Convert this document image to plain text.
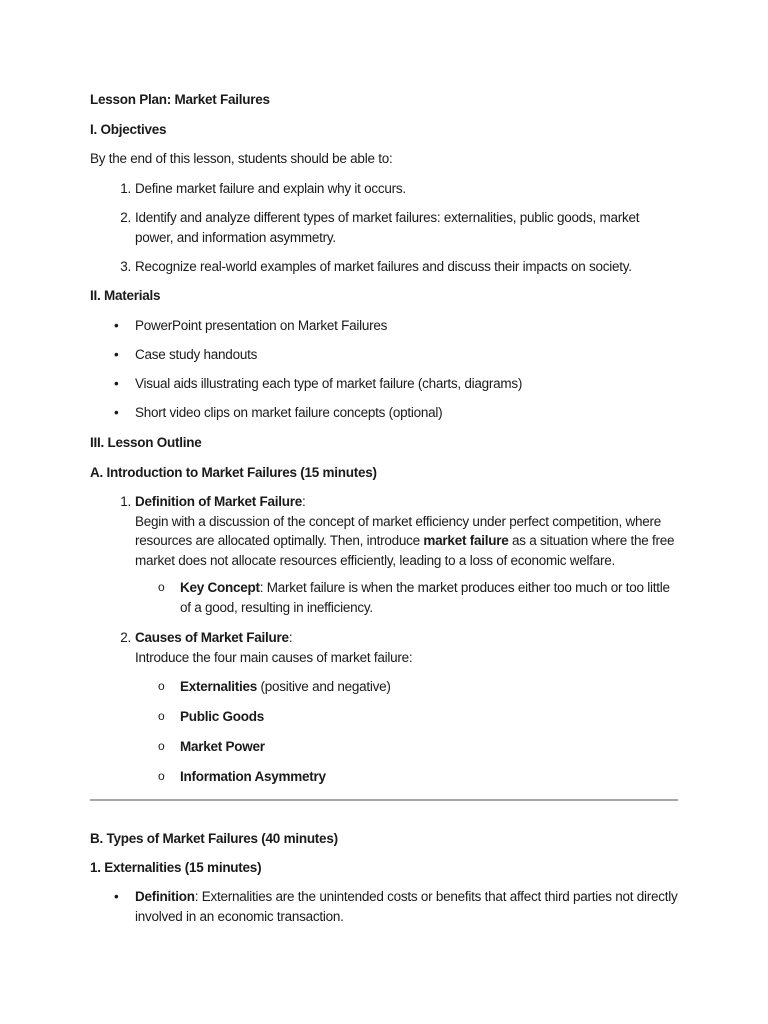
Lesson Plan: Market Failures
I. Objectives
By the end of this lesson, students should be able to:
1. Define market failure and explain why it occurs.
2. Identify and analyze different types of market failures: externalities, public goods, market power, and information asymmetry.
3. Recognize real-world examples of market failures and discuss their impacts on society.
II. Materials
• PowerPoint presentation on Market Failures
• Case study handouts
• Visual aids illustrating each type of market failure (charts, diagrams)
• Short video clips on market failure concepts (optional)
III. Lesson Outline
A. Introduction to Market Failures (15 minutes)
1. Definition of Market Failure:
Begin with a discussion of the concept of market efficiency under perfect competition, where resources are allocated optimally. Then, introduce market failure as a situation where the free market does not allocate resources efficiently, leading to a loss of economic welfare.
o Key Concept: Market failure is when the market produces either too much or too little of a good, resulting in inefficiency.
2. Causes of Market Failure:
Introduce the four main causes of market failure:
o Externalities (positive and negative)
o Public Goods
o Market Power
o Information Asymmetry
B. Types of Market Failures (40 minutes)
1. Externalities (15 minutes)
• Definition: Externalities are the unintended costs or benefits that affect third parties not directly involved in an economic transaction.
